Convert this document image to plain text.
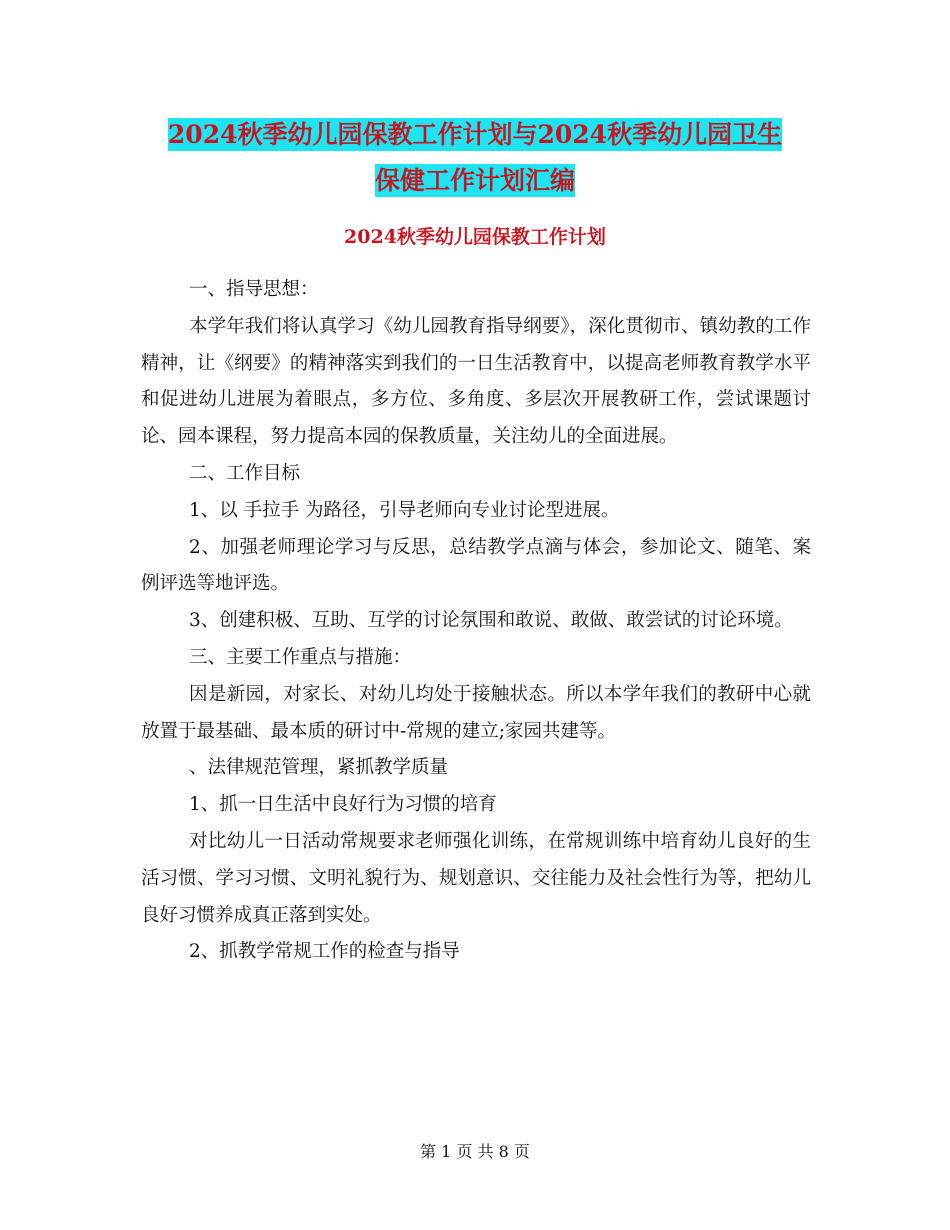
2024秋季幼儿园保教工作计划与2024秋季幼儿园卫生
保健工作计划汇编
2024秋季幼儿园保教工作计划

一、指导思想：

本学年我们将认真学习《幼儿园教育指导纲要》，深化贯彻市、镇幼教的工作精神，让《纲要》的精神落实到我们的一日生活教育中，以提高老师教育教学水平和促进幼儿进展为着眼点，多方位、多角度、多层次开展教研工作，尝试课题讨论、园本课程，努力提高本园的保教质量，关注幼儿的全面进展。

二、工作目标

1、以 手拉手 为路径，引导老师向专业讨论型进展。

2、加强老师理论学习与反思，总结教学点滴与体会，参加论文、随笔、案例评选等地评选。

3、创建积极、互助、互学的讨论氛围和敢说、敢做、敢尝试的讨论环境。

三、主要工作重点与措施：

因是新园，对家长、对幼儿均处于接触状态。所以本学年我们的教研中心就放置于最基础、最本质的研讨中-常规的建立;家园共建等。

、法律规范管理，紧抓教学质量

1、抓一日生活中良好行为习惯的培育

对比幼儿一日活动常规要求老师强化训练，在常规训练中培育幼儿良好的生活习惯、学习习惯、文明礼貌行为、规划意识、交往能力及社会性行为等，把幼儿良好习惯养成真正落到实处。

2、抓教学常规工作的检查与指导

第 1 页 共 8 页
